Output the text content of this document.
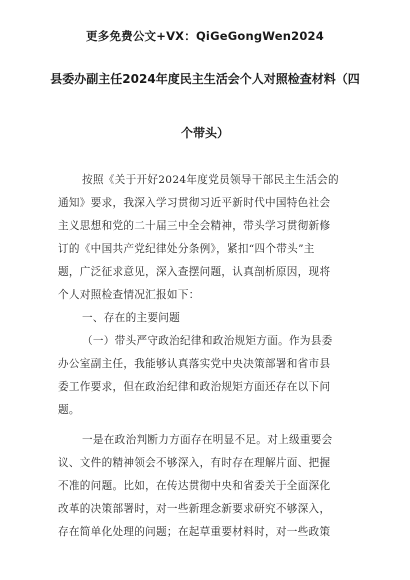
更多免费公文+VX：QiGeGongWen2024
县委办副主任2024年度民主生活会个人对照检查材料（四
个带头）
按照《关于开好2024年度党员领导干部民主生活会的
通知》要求，我深入学习贯彻习近平新时代中国特色社会
主义思想和党的二十届三中全会精神，带头学习贯彻新修
订的《中国共产党纪律处分条例》，紧扣“四个带头”主
题，广泛征求意见，深入查摆问题，认真剖析原因，现将
个人对照检查情况汇报如下：
一、存在的主要问题
（一）带头严守政治纪律和政治规矩方面。作为县委
办公室副主任，我能够认真落实党中央决策部署和省市县
委工作要求，但在政治纪律和政治规矩方面还存在以下问
题。
一是在政治判断力方面存在明显不足。对上级重要会
议、文件的精神领会不够深入，有时存在理解片面、把握
不准的问题。比如，在传达贯彻中央和省委关于全面深化
改革的决策部署时，对一些新理念新要求研究不够深入，
存在简单化处理的问题；在起草重要材料时，对一些政策
